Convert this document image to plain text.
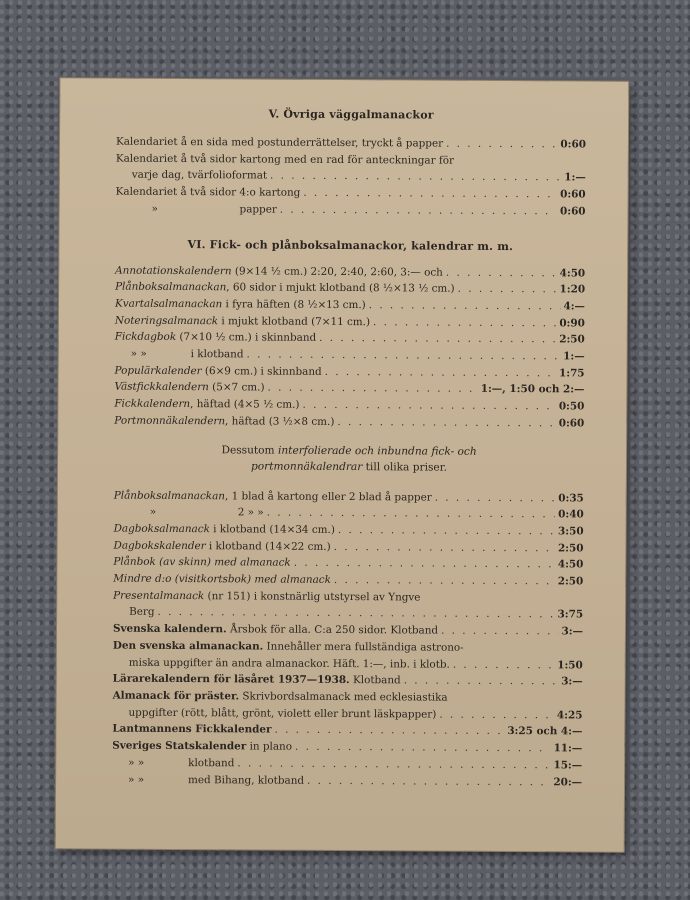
V. Övriga väggalmanackor
Kalendariet å en sida med postunderrättelser, tryckt å papper . . .	0:60
Kalendariet å två sidor kartong med en rad för anteckningar för
varje dag, tvärfolioformat . . .	1:—
Kalendariet å två sidor 4:o kartong . . .	0:60
»	papper . . .	0:60
VI. Fick- och plånboksalmanackor, kalendrar m. m.
Annotationskalendern (9×14 ½ cm.) 2:20, 2:40, 2:60, 3:— och . . .	4:50
Plånboksalmanackan, 60 sidor i mjukt klotband (8 ½×13 ½ cm.) . . .	1:20
Kvartalsalmanackan i fyra häften (8 ½×13 cm.) . . .	4:—
Noteringsalmanack i mjukt klotband (7×11 cm.) . . .	0:90
Fickdagbok (7×10 ½ cm.) i skinnband . . .	2:50
» »	i klotband . . .	1:—
Populärkalender (6×9 cm.) i skinnband . . .	1:75
Västfickkalendern (5×7 cm.) . . .	1:—, 1:50 och 2:—
Fickkalendern, häftad (4×5 ½ cm.) . . .	0:50
Portmonnäkalendern, häftad (3 ½×8 cm.) . . .	0:60
Dessutom interfolierade och inbundna fick- och
portmonnäkalendrar till olika priser.
Plånboksalmanackan, 1 blad å kartong eller 2 blad å papper . . .	0:35
»	2 » » . . .	0:40
Dagboksalmanack i klotband (14×34 cm.) . . .	3:50
Dagbokskalender i klotband (14×22 cm.) . . .	2:50
Plånbok (av skinn) med almanack . . .	4:50
Mindre d:o (visitkortsbok) med almanack . . .	2:50
Presentalmanack (nr 151) i konstnärlig utstyrsel av Yngve
Berg . . .	3:75
Svenska kalendern. Årsbok för alla. C:a 250 sidor. Klotband . . .	3:—
Den svenska almanackan. Innehåller mera fullständiga astrono-
miska uppgifter än andra almanackor. Häft. 1:—, inb. i klotb. . . .	1:50
Lärarekalendern för läsåret 1937—1938. Klotband . . .	3:—
Almanack för präster. Skrivbordsalmanack med ecklesiastika
uppgifter (rött, blått, grönt, violett eller brunt läskpapper) . . .	4:25
Lantmannens Fickkalender . . .	3:25 och 4:—
Sveriges Statskalender in plano . . .	11:—
» »	klotband . . .	15:—
» »	med Bihang, klotband . . .	20:—
